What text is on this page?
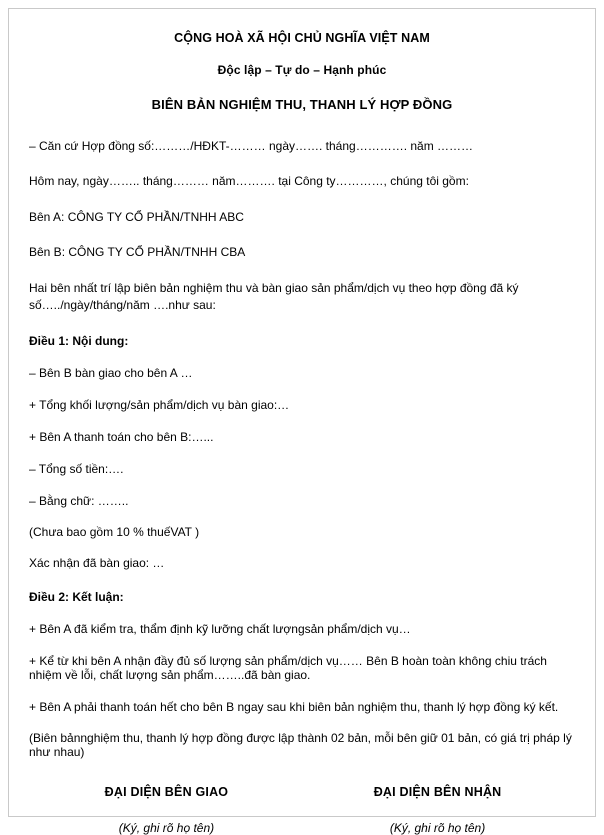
CỘNG HOÀ XÃ HỘI CHỦ NGHĨA VIỆT NAM
Độc lập – Tự do – Hạnh phúc
BIÊN BẢN NGHIỆM THU, THANH LÝ HỢP ĐỒNG
– Căn cứ Hợp đồng số:………/HĐKT-……… ngày……. tháng…………. năm ………
Hôm nay, ngày…….. tháng……… năm………. tại Công ty…………, chúng tôi gồm:
Bên A: CÔNG TY CỔ PHẦN/TNHH ABC
Bên B: CÔNG TY CỔ PHẦN/TNHH CBA
Hai bên nhất trí lập biên bản nghiệm thu và bàn giao sản phẩm/dịch vụ theo hợp đồng đã ký số…../ngày/tháng/năm ….như sau:
Điều 1: Nội dung:
– Bên B bàn giao cho bên A …
+ Tổng khối lượng/sản phẩm/dịch vụ bàn giao:…
+ Bên A thanh toán cho bên B:…...
– Tổng số tiền:….
– Bằng chữ: ……..
(Chưa bao gồm 10 % thuếVAT )
Xác nhận đã bàn giao: …
Điều 2: Kết luận:
+ Bên A đã kiểm tra, thẩm định kỹ lưỡng chất lượngsản phẩm/dịch vụ…
+ Kể từ khi bên A nhận đầy đủ số lượng sản phẩm/dịch vụ…… Bên B hoàn toàn không chiu trách nhiệm về lỗi, chất lượng sản phẩm……..đã bàn giao.
+ Bên A phải thanh toán hết cho bên B ngay sau khi biên bản nghiệm thu, thanh lý hợp đồng ký kết.
(Biên bảnnghiệm thu, thanh lý hợp đồng được lập thành 02 bản, mỗi bên giữ 01 bản, có giá trị pháp lý như nhau)
ĐẠI DIỆN BÊN GIAO
(Ký, ghi rõ họ tên)
ĐẠI DIỆN BÊN NHẬN
(Ký, ghi rõ họ tên)
